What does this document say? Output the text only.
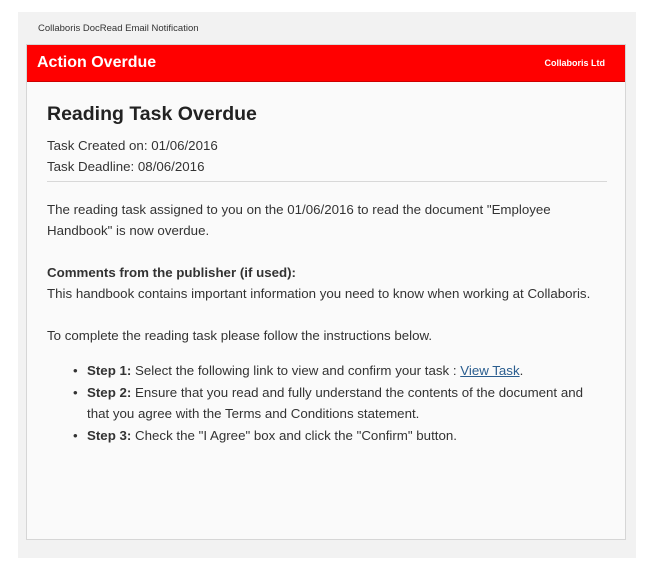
Collaboris DocRead Email Notification
Action Overdue	Collaboris Ltd
Reading Task Overdue
Task Created on: 01/06/2016
Task Deadline: 08/06/2016

The reading task assigned to you on the 01/06/2016 to read the document "Employee Handbook" is now overdue.

Comments from the publisher (if used):
This handbook contains important information you need to know when working at Collaboris.

To complete the reading task please follow the instructions below.

• Step 1: Select the following link to view and confirm your task : View Task.
• Step 2: Ensure that you read and fully understand the contents of the document and that you agree with the Terms and Conditions statement.
• Step 3: Check the "I Agree" box and click the "Confirm" button.
